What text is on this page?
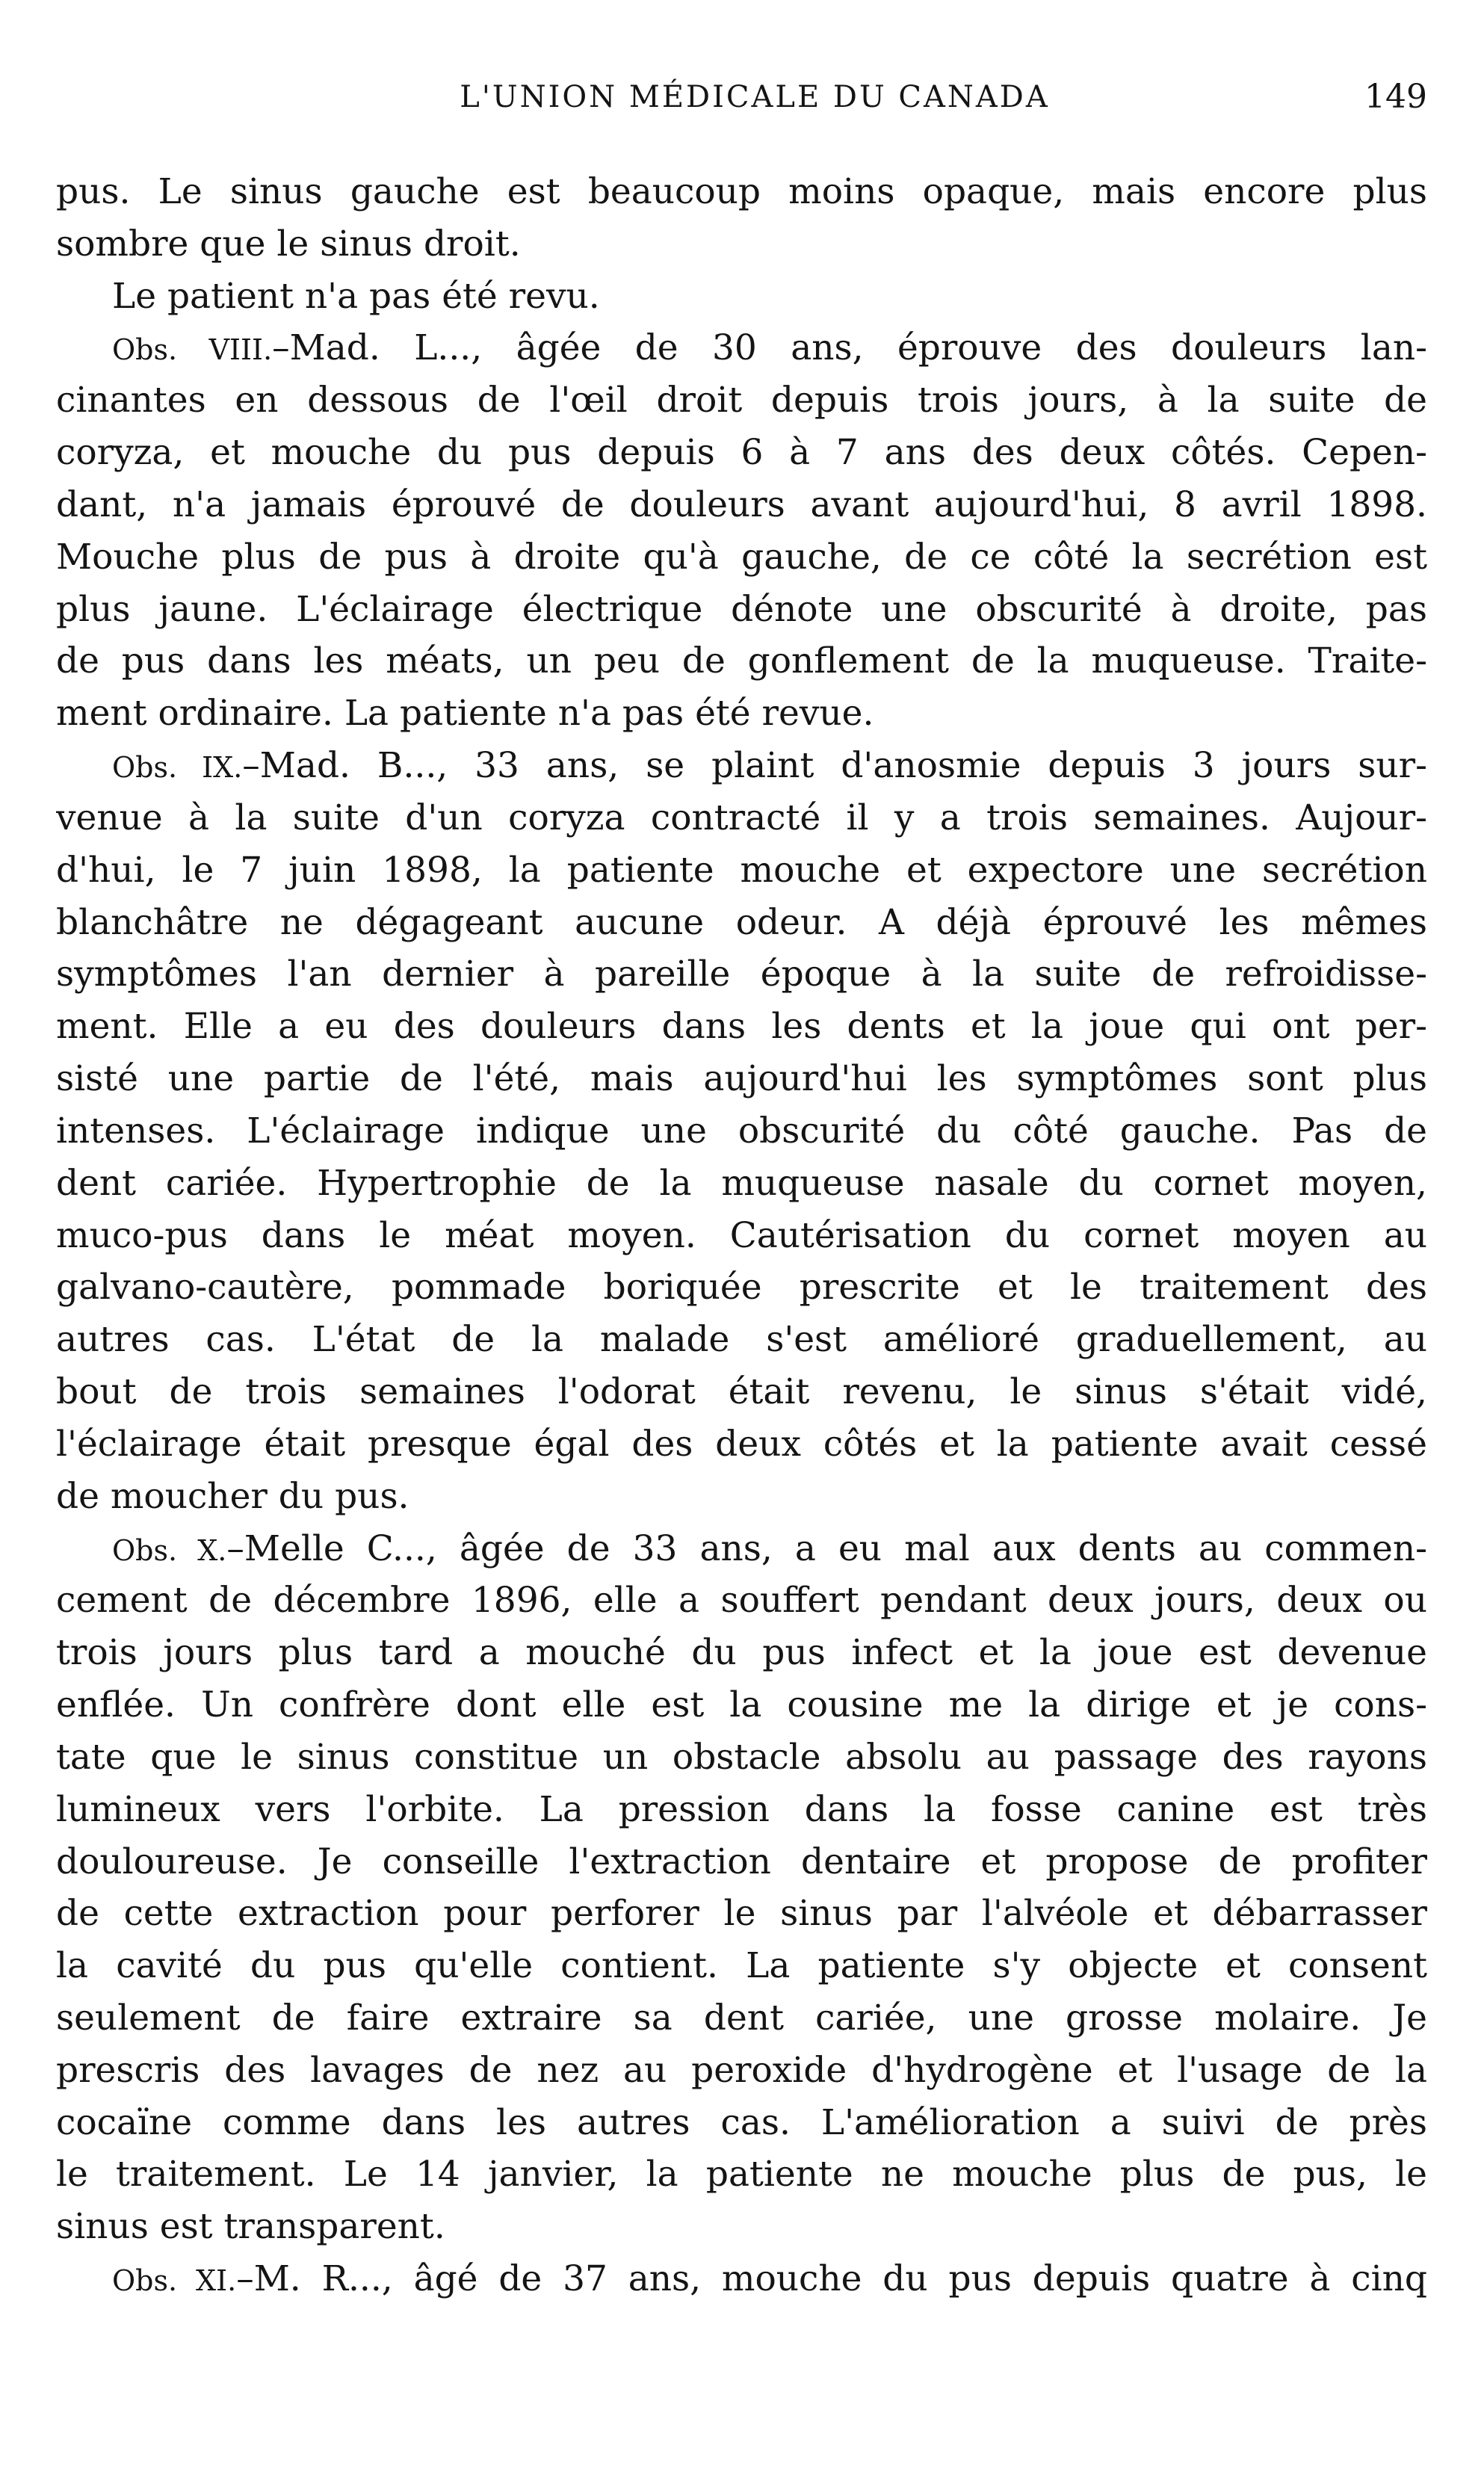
L'UNION MÉDICALE DU CANADA	149
pus. Le sinus gauche est beaucoup moins opaque, mais encore plus
sombre que le sinus droit.
Le patient n'a pas été revu.
Obs. VIII.–Mad. L..., âgée de 30 ans, éprouve des douleurs lan-
cinantes en dessous de l'œil droit depuis trois jours, à la suite de
coryza, et mouche du pus depuis 6 à 7 ans des deux côtés. Cepen-
dant, n'a jamais éprouvé de douleurs avant aujourd'hui, 8 avril 1898.
Mouche plus de pus à droite qu'à gauche, de ce côté la secrétion est
plus jaune. L'éclairage électrique dénote une obscurité à droite, pas
de pus dans les méats, un peu de gonflement de la muqueuse. Traite-
ment ordinaire. La patiente n'a pas été revue.
Obs. IX.–Mad. B..., 33 ans, se plaint d'anosmie depuis 3 jours sur-
venue à la suite d'un coryza contracté il y a trois semaines. Aujour-
d'hui, le 7 juin 1898, la patiente mouche et expectore une secrétion
blanchâtre ne dégageant aucune odeur. A déjà éprouvé les mêmes
symptômes l'an dernier à pareille époque à la suite de refroidisse-
ment. Elle a eu des douleurs dans les dents et la joue qui ont per-
sisté une partie de l'été, mais aujourd'hui les symptômes sont plus
intenses. L'éclairage indique une obscurité du côté gauche. Pas de
dent cariée. Hypertrophie de la muqueuse nasale du cornet moyen,
muco-pus dans le méat moyen. Cautérisation du cornet moyen au
galvano-cautère, pommade boriquée prescrite et le traitement des
autres cas. L'état de la malade s'est amélioré graduellement, au
bout de trois semaines l'odorat était revenu, le sinus s'était vidé,
l'éclairage était presque égal des deux côtés et la patiente avait cessé
de moucher du pus.
Obs. X.–Melle C..., âgée de 33 ans, a eu mal aux dents au commen-
cement de décembre 1896, elle a souffert pendant deux jours, deux ou
trois jours plus tard a mouché du pus infect et la joue est devenue
enflée. Un confrère dont elle est la cousine me la dirige et je cons-
tate que le sinus constitue un obstacle absolu au passage des rayons
lumineux vers l'orbite. La pression dans la fosse canine est très
douloureuse. Je conseille l'extraction dentaire et propose de profiter
de cette extraction pour perforer le sinus par l'alvéole et débarrasser
la cavité du pus qu'elle contient. La patiente s'y objecte et consent
seulement de faire extraire sa dent cariée, une grosse molaire. Je
prescris des lavages de nez au peroxide d'hydrogène et l'usage de la
cocaïne comme dans les autres cas. L'amélioration a suivi de près
le traitement. Le 14 janvier, la patiente ne mouche plus de pus, le
sinus est transparent.
Obs. XI.–M. R..., âgé de 37 ans, mouche du pus depuis quatre à cinq
